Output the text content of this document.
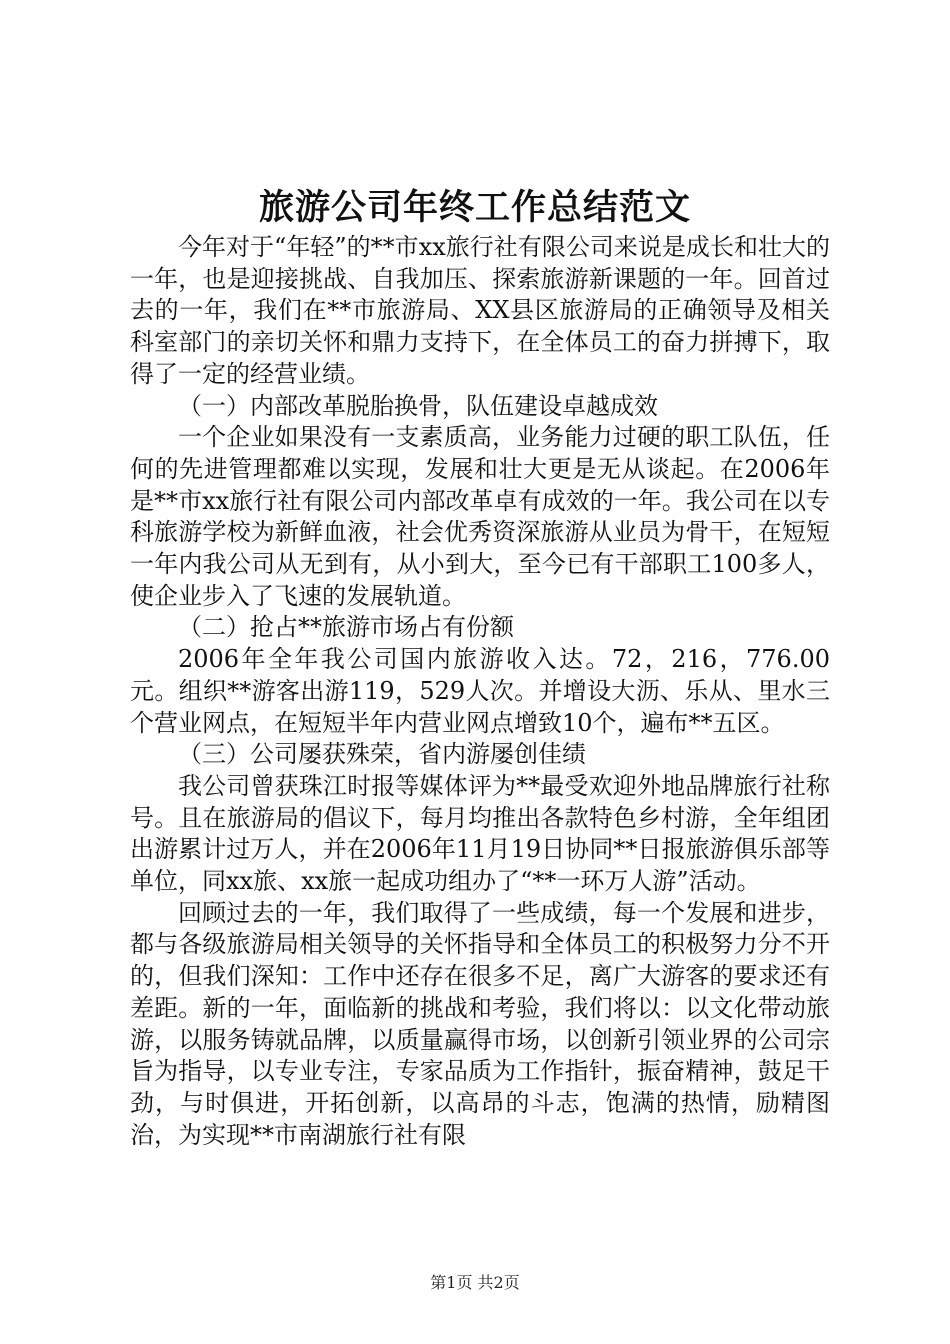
旅游公司年终工作总结范文

今年对于“年轻”的**市xx旅行社有限公司来说是成长和壮大的一年，也是迎接挑战、自我加压、探索旅游新课题的一年。回首过去的一年，我们在**市旅游局、XX县区旅游局的正确领导及相关科室部门的亲切关怀和鼎力支持下，在全体员工的奋力拼搏下，取得了一定的经营业绩。

（一）内部改革脱胎换骨，队伍建设卓越成效

一个企业如果没有一支素质高，业务能力过硬的职工队伍，任何的先进管理都难以实现，发展和壮大更是无从谈起。在2006年是**市xx旅行社有限公司内部改革卓有成效的一年。我公司在以专科旅游学校为新鲜血液，社会优秀资深旅游从业员为骨干，在短短一年内我公司从无到有，从小到大，至今已有干部职工100多人，使企业步入了飞速的发展轨道。

（二）抢占**旅游市场占有份额

2006年全年我公司国内旅游收入达。72，216，776.00元。组织**游客出游119，529人次。并增设大沥、乐从、里水三个营业网点，在短短半年内营业网点增致10个，遍布**五区。

（三）公司屡获殊荣，省内游屡创佳绩

我公司曾获珠江时报等媒体评为**最受欢迎外地品牌旅行社称号。且在旅游局的倡议下，每月均推出各款特色乡村游，全年组团出游累计过万人，并在2006年11月19日协同**日报旅游俱乐部等单位，同xx旅、xx旅一起成功组办了“**一环万人游”活动。

回顾过去的一年，我们取得了一些成绩，每一个发展和进步，都与各级旅游局相关领导的关怀指导和全体员工的积极努力分不开的，但我们深知：工作中还存在很多不足，离广大游客的要求还有差距。新的一年，面临新的挑战和考验，我们将以：以文化带动旅游，以服务铸就品牌，以质量赢得市场，以创新引领业界的公司宗旨为指导，以专业专注，专家品质为工作指针，振奋精神，鼓足干劲，与时俱进，开拓创新，以高昂的斗志，饱满的热情，励精图治，为实现**市南湖旅行社有限

第1页 共2页
